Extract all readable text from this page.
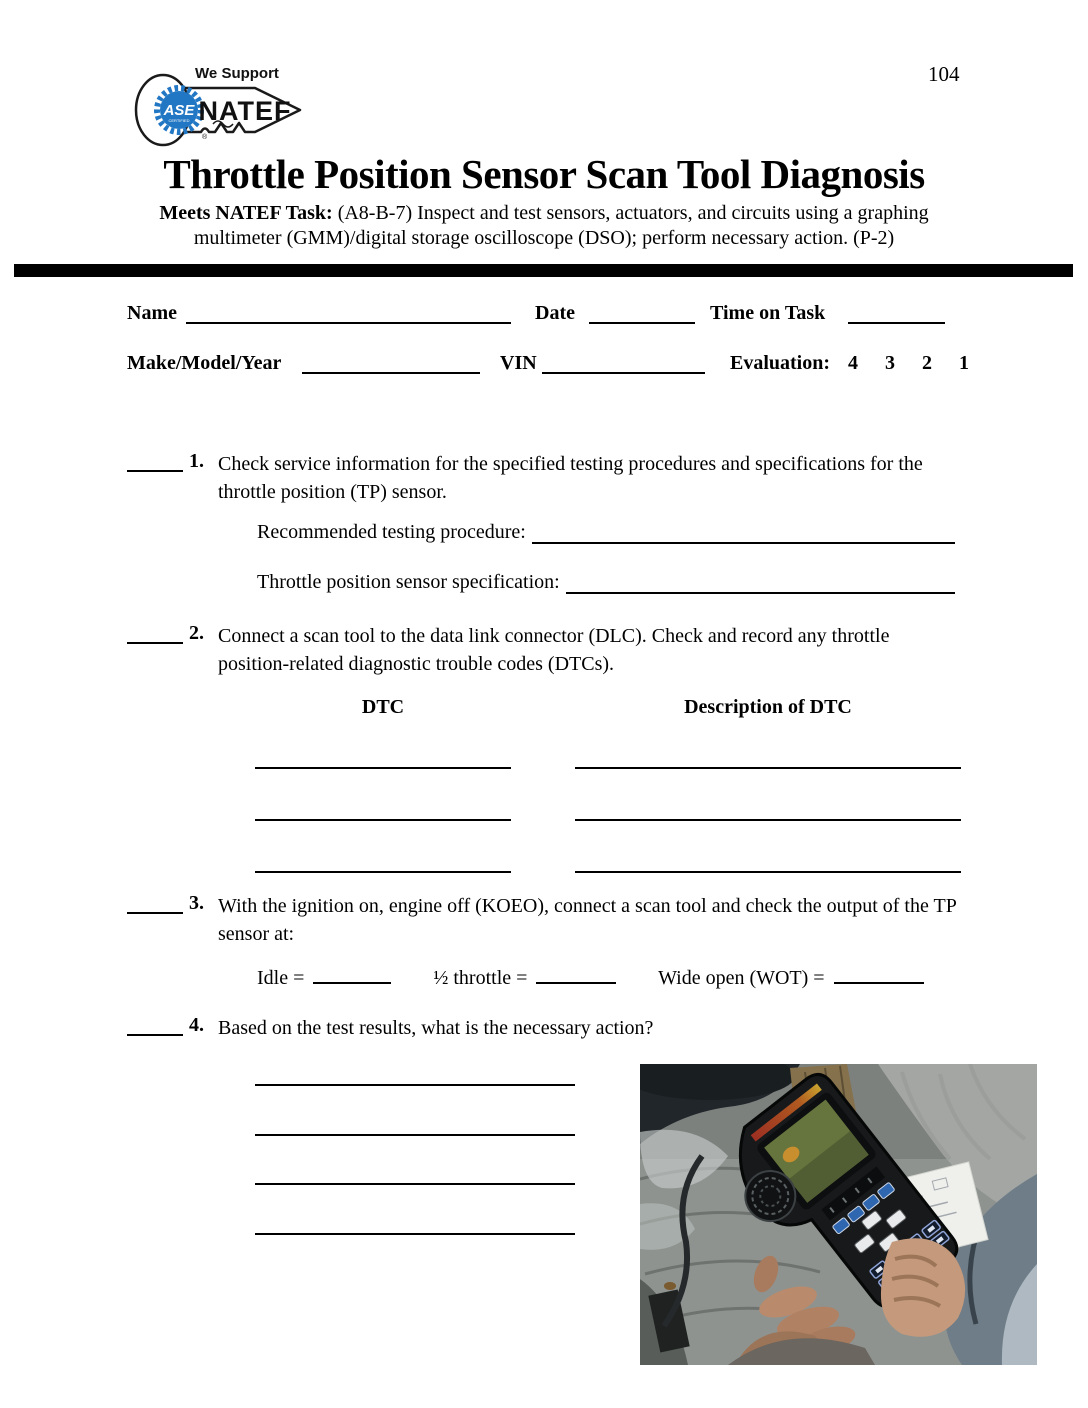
104
ASE
CERTIFIED
®
We Support
NATEF
Throttle Position Sensor Scan Tool Diagnosis
Meets NATEF Task: (A8-B-7) Inspect and test sensors, actuators, and circuits using a graphing
multimeter (GMM)/digital storage oscilloscope (DSO); perform necessary action. (P-2)
Name	Date	Time on Task
Make/Model/Year	VIN	Evaluation: 4 3 2 1
1. Check service information for the specified testing procedures and specifications for the throttle position (TP) sensor.
Recommended testing procedure:
Throttle position sensor specification:
2. Connect a scan tool to the data link connector (DLC). Check and record any throttle position-related diagnostic trouble codes (DTCs).
DTC	Description of DTC
3. With the ignition on, engine off (KOEO), connect a scan tool and check the output of the TP sensor at:
Idle =	½ throttle =	Wide open (WOT) =
4. Based on the test results, what is the necessary action?
